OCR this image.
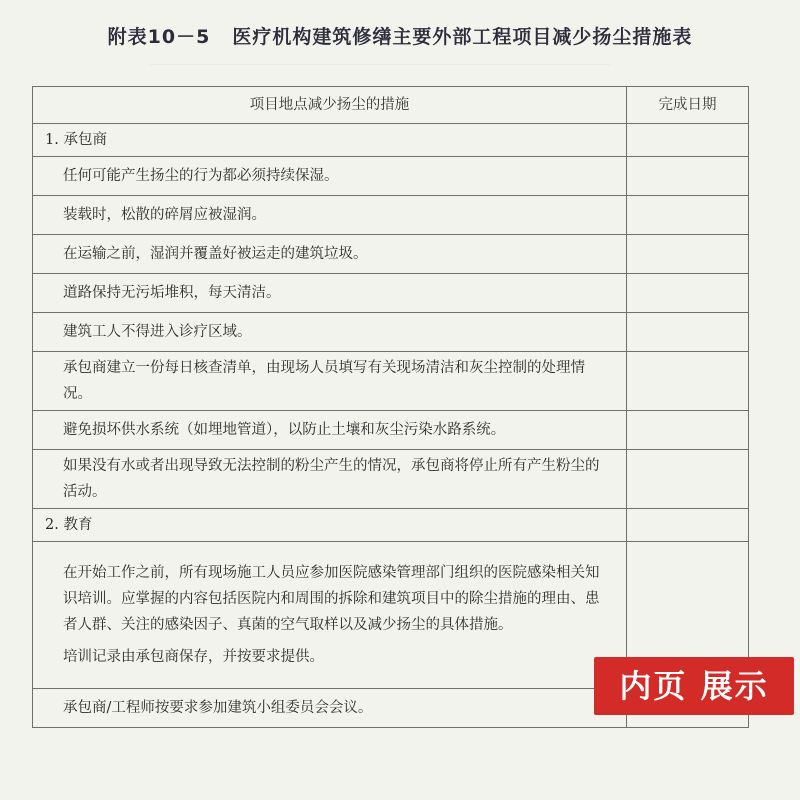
附表10－5 医疗机构建筑修缮主要外部工程项目减少扬尘措施表
项目地点减少扬尘的措施	完成日期
1. 承包商	
任何可能产生扬尘的行为都必须持续保湿。	
装载时，松散的碎屑应被湿润。	
在运输之前，湿润并覆盖好被运走的建筑垃圾。	
道路保持无污垢堆积，每天清洁。	
建筑工人不得进入诊疗区域。	
承包商建立一份每日核查清单，由现场人员填写有关现场清洁和灰尘控制的处理情况。	
避免损坏供水系统（如埋地管道），以防止土壤和灰尘污染水路系统。	
如果没有水或者出现导致无法控制的粉尘产生的情况，承包商将停止所有产生粉尘的活动。	
2. 教育	

在开始工作之前，所有现场施工人员应参加医院感染管理部门组织的医院感染相关知识培训。应掌握的内容包括医院内和周围的拆除和建筑项目中的除尘措施的理由、患者人群、关注的感染因子、真菌的空气取样以及减少扬尘的具体措施。

培训记录由承包商保存，并按要求提供。	

承包商/工程师按要求参加建筑小组委员会会议。	
内页 展示
